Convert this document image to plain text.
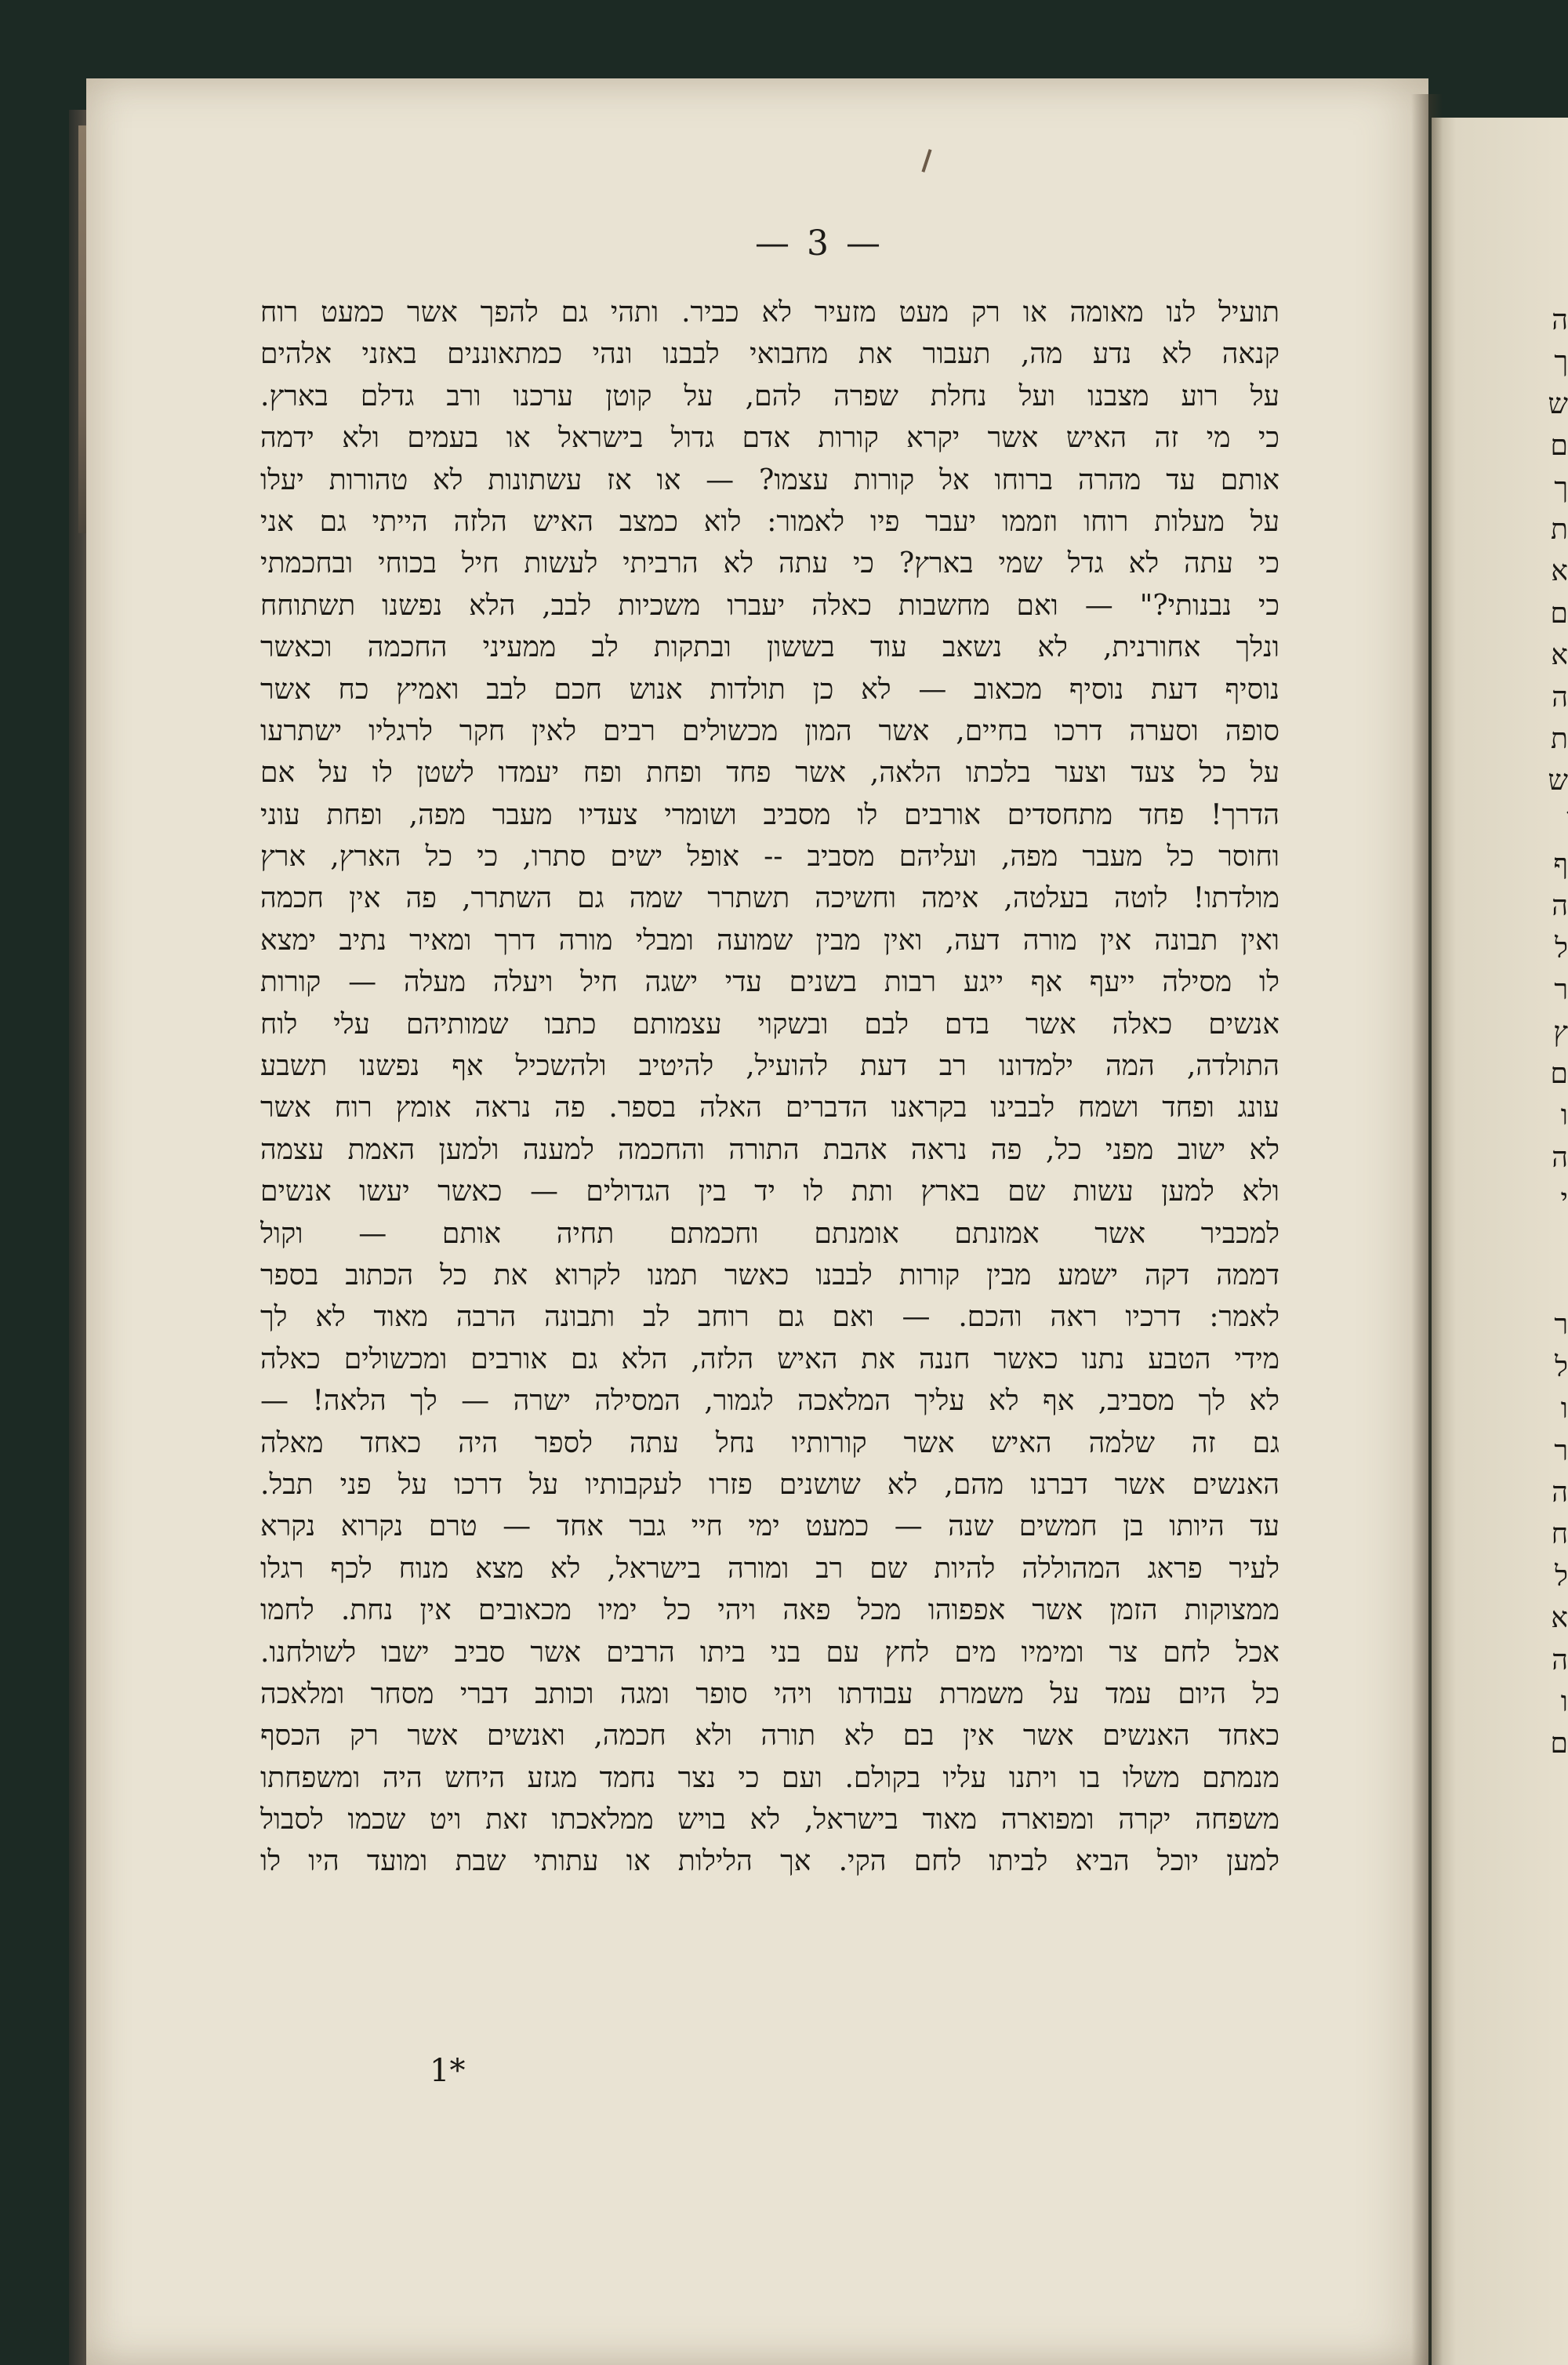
ה
ך
ש
ם
ך
ת
א
ם
א
ה
ת
ש
ף
ה
ל
ר
ץ
ם
ו
ה
י
ר
ל
ו
ר
ה
ח
ל
א
ה
ו
ם
— 3 —
תועיל לנו מאומה או רק מעט מזעיר לא כביר. ותהי גם להפך אשר כמעט רוח
קנאה לא נדע מה, תעבור את מחבואי לבבנו ונהי כמתאוננים באזני אלהים
על רוע מצבנו ועל נחלת שפרה להם, על קוטן ערכנו ורב גדלם בארץ.
כי מי זה האיש אשר יקרא קורות אדם גדול בישראל או בעמים ולא ידמה
אותם עד מהרה ברוחו אל קורות עצמו? — או אז עשתונות לא טהורות יעלו
על מעלות רוחו וזממו יעבר פיו לאמור: לוא כמצב האיש הלזה הייתי גם אני
כי עתה לא גדל שמי בארץ? כי עתה לא הרביתי לעשות חיל בכוחי ובחכמתי
כי נבנותי?" — ואם מחשבות כאלה יעברו משכיות לבב, הלא נפשנו תשתוחח
ונלך אחורנית, לא נשאב עוד בששון ובתקות לב ממעיני החכמה וכאשר
נוסיף דעת נוסיף מכאוב — לא כן תולדות אנוש חכם לבב ואמיץ כח אשר
סופה וסערה דרכו בחיים, אשר המון מכשולים רבים לאין חקר לרגליו ישתרעו
על כל צעד וצער בלכתו הלאה, אשר פחד ופחת ופח יעמדו לשטן לו על אם
הדרך! פחד מתחסדים אורבים לו מסביב ושומרי צעדיו מעבר מפה, ופחת עוני
וחוסר כל מעבר מפה, ועליהם מסביב -- אופל ישים סתרו, כי כל הארץ, ארץ
מולדתו! לוטה בעלטה, אימה וחשיכה תשתרר שמה גם השתרר, פה אין חכמה
ואין תבונה אין מורה דעה, ואין מבין שמועה ומבלי מורה דרך ומאיר נתיב ימצא
לו מסילה ייעף אף ייגע רבות בשנים עדי ישגה חיל ויעלה מעלה — קורות
אנשים כאלה אשר בדם לבם ובשקוי עצמותם כתבו שמותיהם עלי לוח
התולדה, המה ילמדונו רב דעת להועיל, להיטיב ולהשכיל אף נפשנו תשבע
עונג ופחד ושמח לבבינו בקראנו הדברים האלה בספר. פה נראה אומץ רוח אשר
לא ישוב מפני כל, פה נראה אהבת התורה והחכמה למענה ולמען האמת עצמה
ולא למען עשות שם בארץ ותת לו יד בין הגדולים — כאשר יעשו אנשים
למכביר אשר אמונתם אומנתם וחכמתם תחיה אותם — וקול
דממה דקה ישמע מבין קורות לבבנו כאשר תמנו לקרוא את כל הכתוב בספר
לאמר: דרכיו ראה והכם. — ואם גם רוחב לב ותבונה הרבה מאוד לא לך
מידי הטבע נתנו כאשר חננה את האיש הלזה, הלא גם אורבים ומכשולים כאלה
לא לך מסביב, אף לא עליך המלאכה לגמור, המסילה ישרה — לך הלאה! —
גם זה שלמה האיש אשר קורותיו נחל עתה לספר היה כאחד מאלה
האנשים אשר דברנו מהם, לא שושנים פזרו לעקבותיו על דרכו על פני תבל.
עד היותו בן חמשים שנה — כמעט ימי חיי גבר אחד — טרם נקרוא נקרא
לעיר פראג המהוללה להיות שם רב ומורה בישראל, לא מצא מנוח לכף רגלו
ממצוקות הזמן אשר אפפוהו מכל פאה ויהי כל ימיו מכאובים אין נחת. לחמו
אכל לחם צר ומימיו מים לחץ עם בני ביתו הרבים אשר סביב ישבו לשולחנו.
כל היום עמד על משמרת עבודתו ויהי סופר ומגה וכותב דברי מסחר ומלאכה
כאחד האנשים אשר אין בם לא תורה ולא חכמה, ואנשים אשר רק הכסף
מנמתם משלו בו ויתנו עליו בקולם. ועם כי נצר נחמד מגזע היחש היה ומשפחתו
משפחה יקרה ומפוארה מאוד בישראל, לא בויש ממלאכתו זאת ויט שכמו לסבול
למען יוכל הביא לביתו לחם הקי. אך הלילות או עתותי שבת ומועד היו לו
1*
